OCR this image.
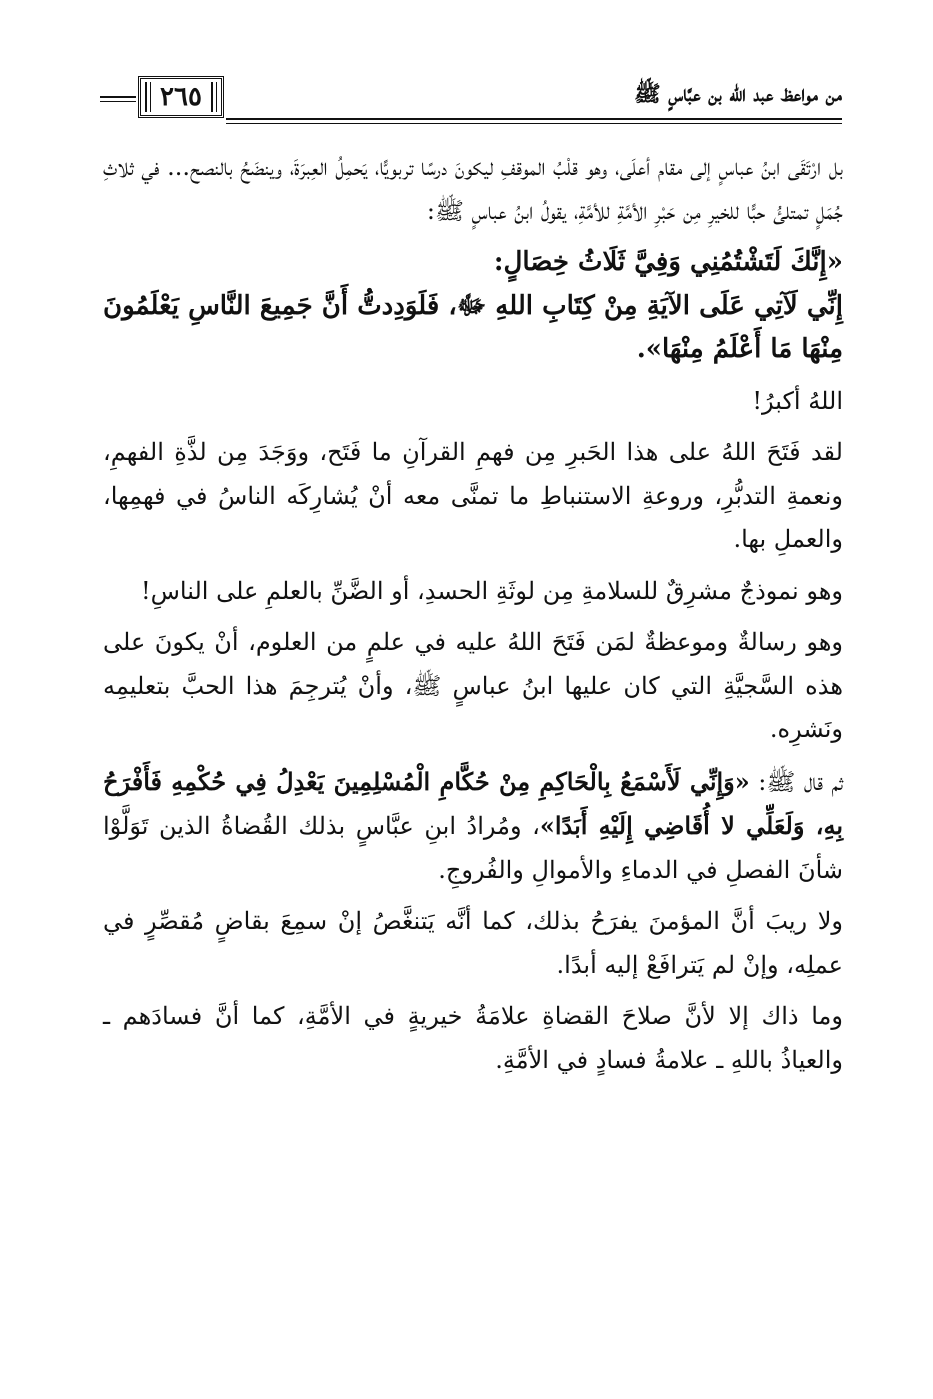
من مواعظ عبد الله بن عبَّاسٍ ﷺ
٢٦٥

بل ارْتَقَى ابنُ عباسٍ إلى مقام أعلَى، وهو قلْبُ الموقفِ ليكونَ درسًا تربويًّا، يَحمِلُ العِبرَةَ، وينضَحُ بالنصح... في ثلاثِ جُمَلٍ تمتلئُ حبًّا للخيرِ مِن حَبْرِ الأمَّةِ للأمَّةِ، يقولُ ابنُ عباسٍ ﷺ:

«إِنَّكَ لَتَشْتُمُنِي وَفِيَّ ثَلَاثُ خِصَالٍ:

إِنِّي لَآتِي عَلَى الآيَةِ مِنْ كِتَابِ اللهِ ﷻ، فَلَوَدِدتُّ أَنَّ جَمِيعَ النَّاسِ يَعْلَمُونَ مِنْهَا مَا أَعْلَمُ مِنْهَا».

اللهُ أكبرُ!

لقد فَتَحَ اللهُ على هذا الحَبرِ مِن فهمِ القرآنِ ما فَتَح، ووَجَدَ مِن لذَّةِ الفهمِ، ونعمةِ التدبُّرِ، وروعةِ الاستنباطِ ما تمنَّى معه أنْ يُشارِكَه الناسُ في فهمِها، والعملِ بها.

وهو نموذجٌ مشرِقٌ للسلامةِ مِن لوثَةِ الحسدِ، أو الضَّنِّ بالعلمِ على الناسِ!

وهو رسالةٌ وموعظةٌ لمَن فَتَحَ اللهُ عليه في علمٍ من العلوم، أنْ يكونَ على هذه السَّجيَّةِ التي كان عليها ابنُ عباسٍ ﷺ، وأنْ يُترجِمَ هذا الحبَّ بتعليمِه ونَشرِه.

ثم قال ﷺ: «وَإِنِّي لَأَسْمَعُ بِالْحَاكِمِ مِنْ حُكَّامِ الْمُسْلِمِينَ يَعْدِلُ فِي حُكْمِهِ فَأَفْرَحُ بِهِ، وَلَعَلِّي لا أُقَاضِي إِلَيْهِ أَبَدًا»، ومُرادُ ابنِ عبَّاسٍ بذلك القُضاةُ الذين تَوَلَّوْا شأنَ الفصلِ في الدماءِ والأموالِ والفُروجِ.

ولا ريبَ أنَّ المؤمنَ يفرَحُ بذلك، كما أنَّه يَتنغَّصُ إنْ سمِعَ بقاضٍ مُقصِّرٍ في عملِه، وإنْ لم يَترافَعْ إليه أبدًا.

وما ذاك إلا لأنَّ صلاحَ القضاةِ علامَةُ خيريةٍ في الأمَّةِ، كما أنَّ فسادَهم ـ والعياذُ باللهِ ـ علامةُ فسادٍ في الأمَّةِ.
